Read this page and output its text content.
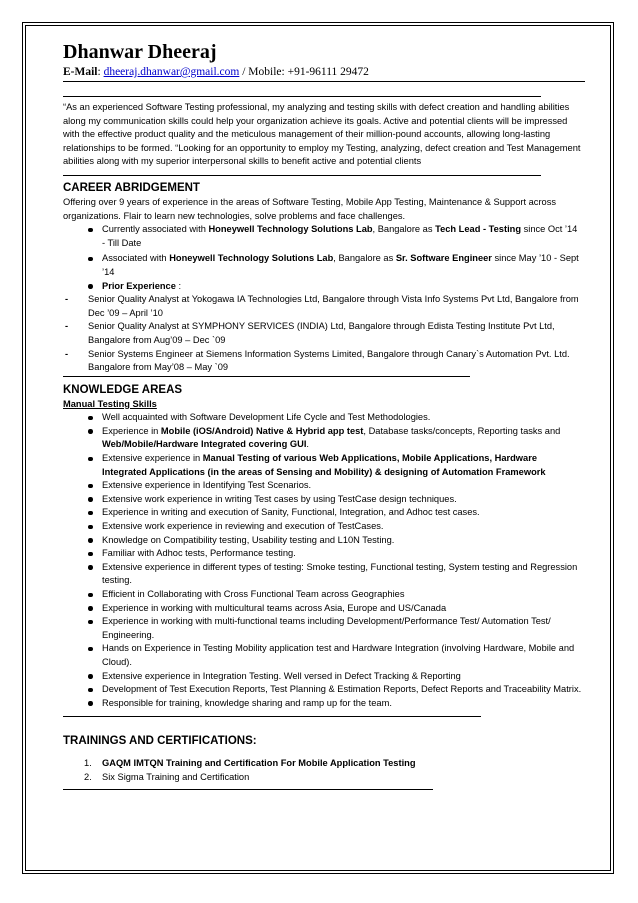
Dhanwar Dheeraj

E-Mail: dheeraj.dhanwar@gmail.com / Mobile: +91-96111 29472

“As an experienced Software Testing professional, my analyzing and testing skills with defect creation and handling abilities along my communication skills could help your organization achieve its goals. Active and potential clients will be impressed with the effective product quality and the meticulous management of their million-pound accounts, allowing long-lasting relationships to be formed. “Looking for an opportunity to employ my Testing, analyzing, defect creation and Test Management abilities along with my superior interpersonal skills to benefit active and potential clients

CAREER ABRIDGEMENT

Offering over 9 years of experience in the areas of Software Testing, Mobile App Testing, Maintenance & Support across organizations. Flair to learn new technologies, solve problems and face challenges.

Currently associated with Honeywell Technology Solutions Lab, Bangalore as Tech Lead - Testing since Oct ’14 - Till Date
Associated with Honeywell Technology Solutions Lab, Bangalore as Sr. Software Engineer since May ’10 - Sept ’14
Prior Experience :
- Senior Quality Analyst at Yokogawa IA Technologies Ltd, Bangalore through Vista Info Systems Pvt Ltd, Bangalore from Dec ’09 – April ’10
- Senior Quality Analyst at SYMPHONY SERVICES (INDIA) Ltd, Bangalore through Edista Testing Institute Pvt Ltd, Bangalore from Aug’09 – Dec `09
- Senior Systems Engineer at Siemens Information Systems Limited, Bangalore through Canary`s Automation Pvt. Ltd. Bangalore from May’08 – May `09
KNOWLEDGE AREAS

Manual Testing Skills

Well acquainted with Software Development Life Cycle and Test Methodologies.
Experience in Mobile (iOS/Android) Native & Hybrid app test, Database tasks/concepts, Reporting tasks and Web/Mobile/Hardware Integrated covering GUI.
Extensive experience in Manual Testing of various Web Applications, Mobile Applications, Hardware Integrated Applications (in the areas of Sensing and Mobility) & designing of Automation Framework
Extensive experience in Identifying Test Scenarios.
Extensive work experience in writing Test cases by using TestCase design techniques.
Experience in writing and execution of Sanity, Functional, Integration, and Adhoc test cases.
Extensive work experience in reviewing and execution of TestCases.
Knowledge on Compatibility testing, Usability testing and L10N Testing.
Familiar with Adhoc tests, Performance testing.
Extensive experience in different types of testing: Smoke testing, Functional testing, System testing and Regression testing.
Efficient in Collaborating with Cross Functional Team across Geographies
Experience in working with multicultural teams across Asia, Europe and US/Canada
Experience in working with multi-functional teams including Development/Performance Test/ Automation Test/ Engineering.
Hands on Experience in Testing Mobility application test and Hardware Integration (involving Hardware, Mobile and Cloud).
Extensive experience in Integration Testing. Well versed in Defect Tracking & Reporting
Development of Test Execution Reports, Test Planning & Estimation Reports, Defect Reports and Traceability Matrix.
Responsible for training, knowledge sharing and ramp up for the team.
TRAININGS AND CERTIFICATIONS:
1. GAQM IMTQN Training and Certification For Mobile Application Testing
2. Six Sigma Training and Certification
